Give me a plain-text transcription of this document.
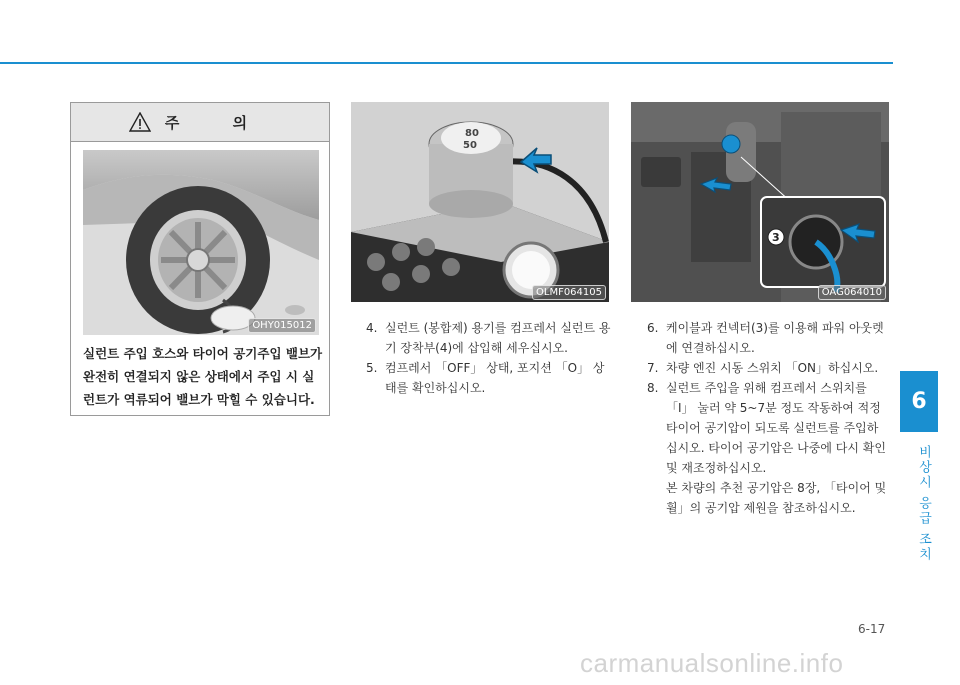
주 의
OHY015012
실런트 주입 호스와 타이어 공기주입 밸브가 완전히 연결되지 않은 상태에서 주입 시 실런트가 역류되어 밸브가 막힐 수 있습니다.
80
50
OLMF064105
3
OAG064010
4. 실런트 (봉합제) 용기를 컴프레서 실런트 용기 장착부(4)에 삽입해 세우십시오.
5. 컴프레서 「OFF」 상태, 포지션 「O」 상태를 확인하십시오.
6. 케이블과 컨넥터(3)를 이용해 파워 아웃렛에 연결하십시오.
7. 차량 엔진 시동 스위치 「ON」하십시오.
8. 실런트 주입을 위해 컴프레서 스위치를 「I」 눌러 약 5~7분 정도 작동하여 적정 타이어 공기압이 되도록 실런트를 주입하십시오. 타이어 공기압은 나중에 다시 확인 및 재조정하십시오.
본 차량의 추천 공기압은 8장, 「타이어 및 휠」의 공기압 제원을 참조하십시오.
6
비상시 응급 조치
6-17
carmanualsonline.info
